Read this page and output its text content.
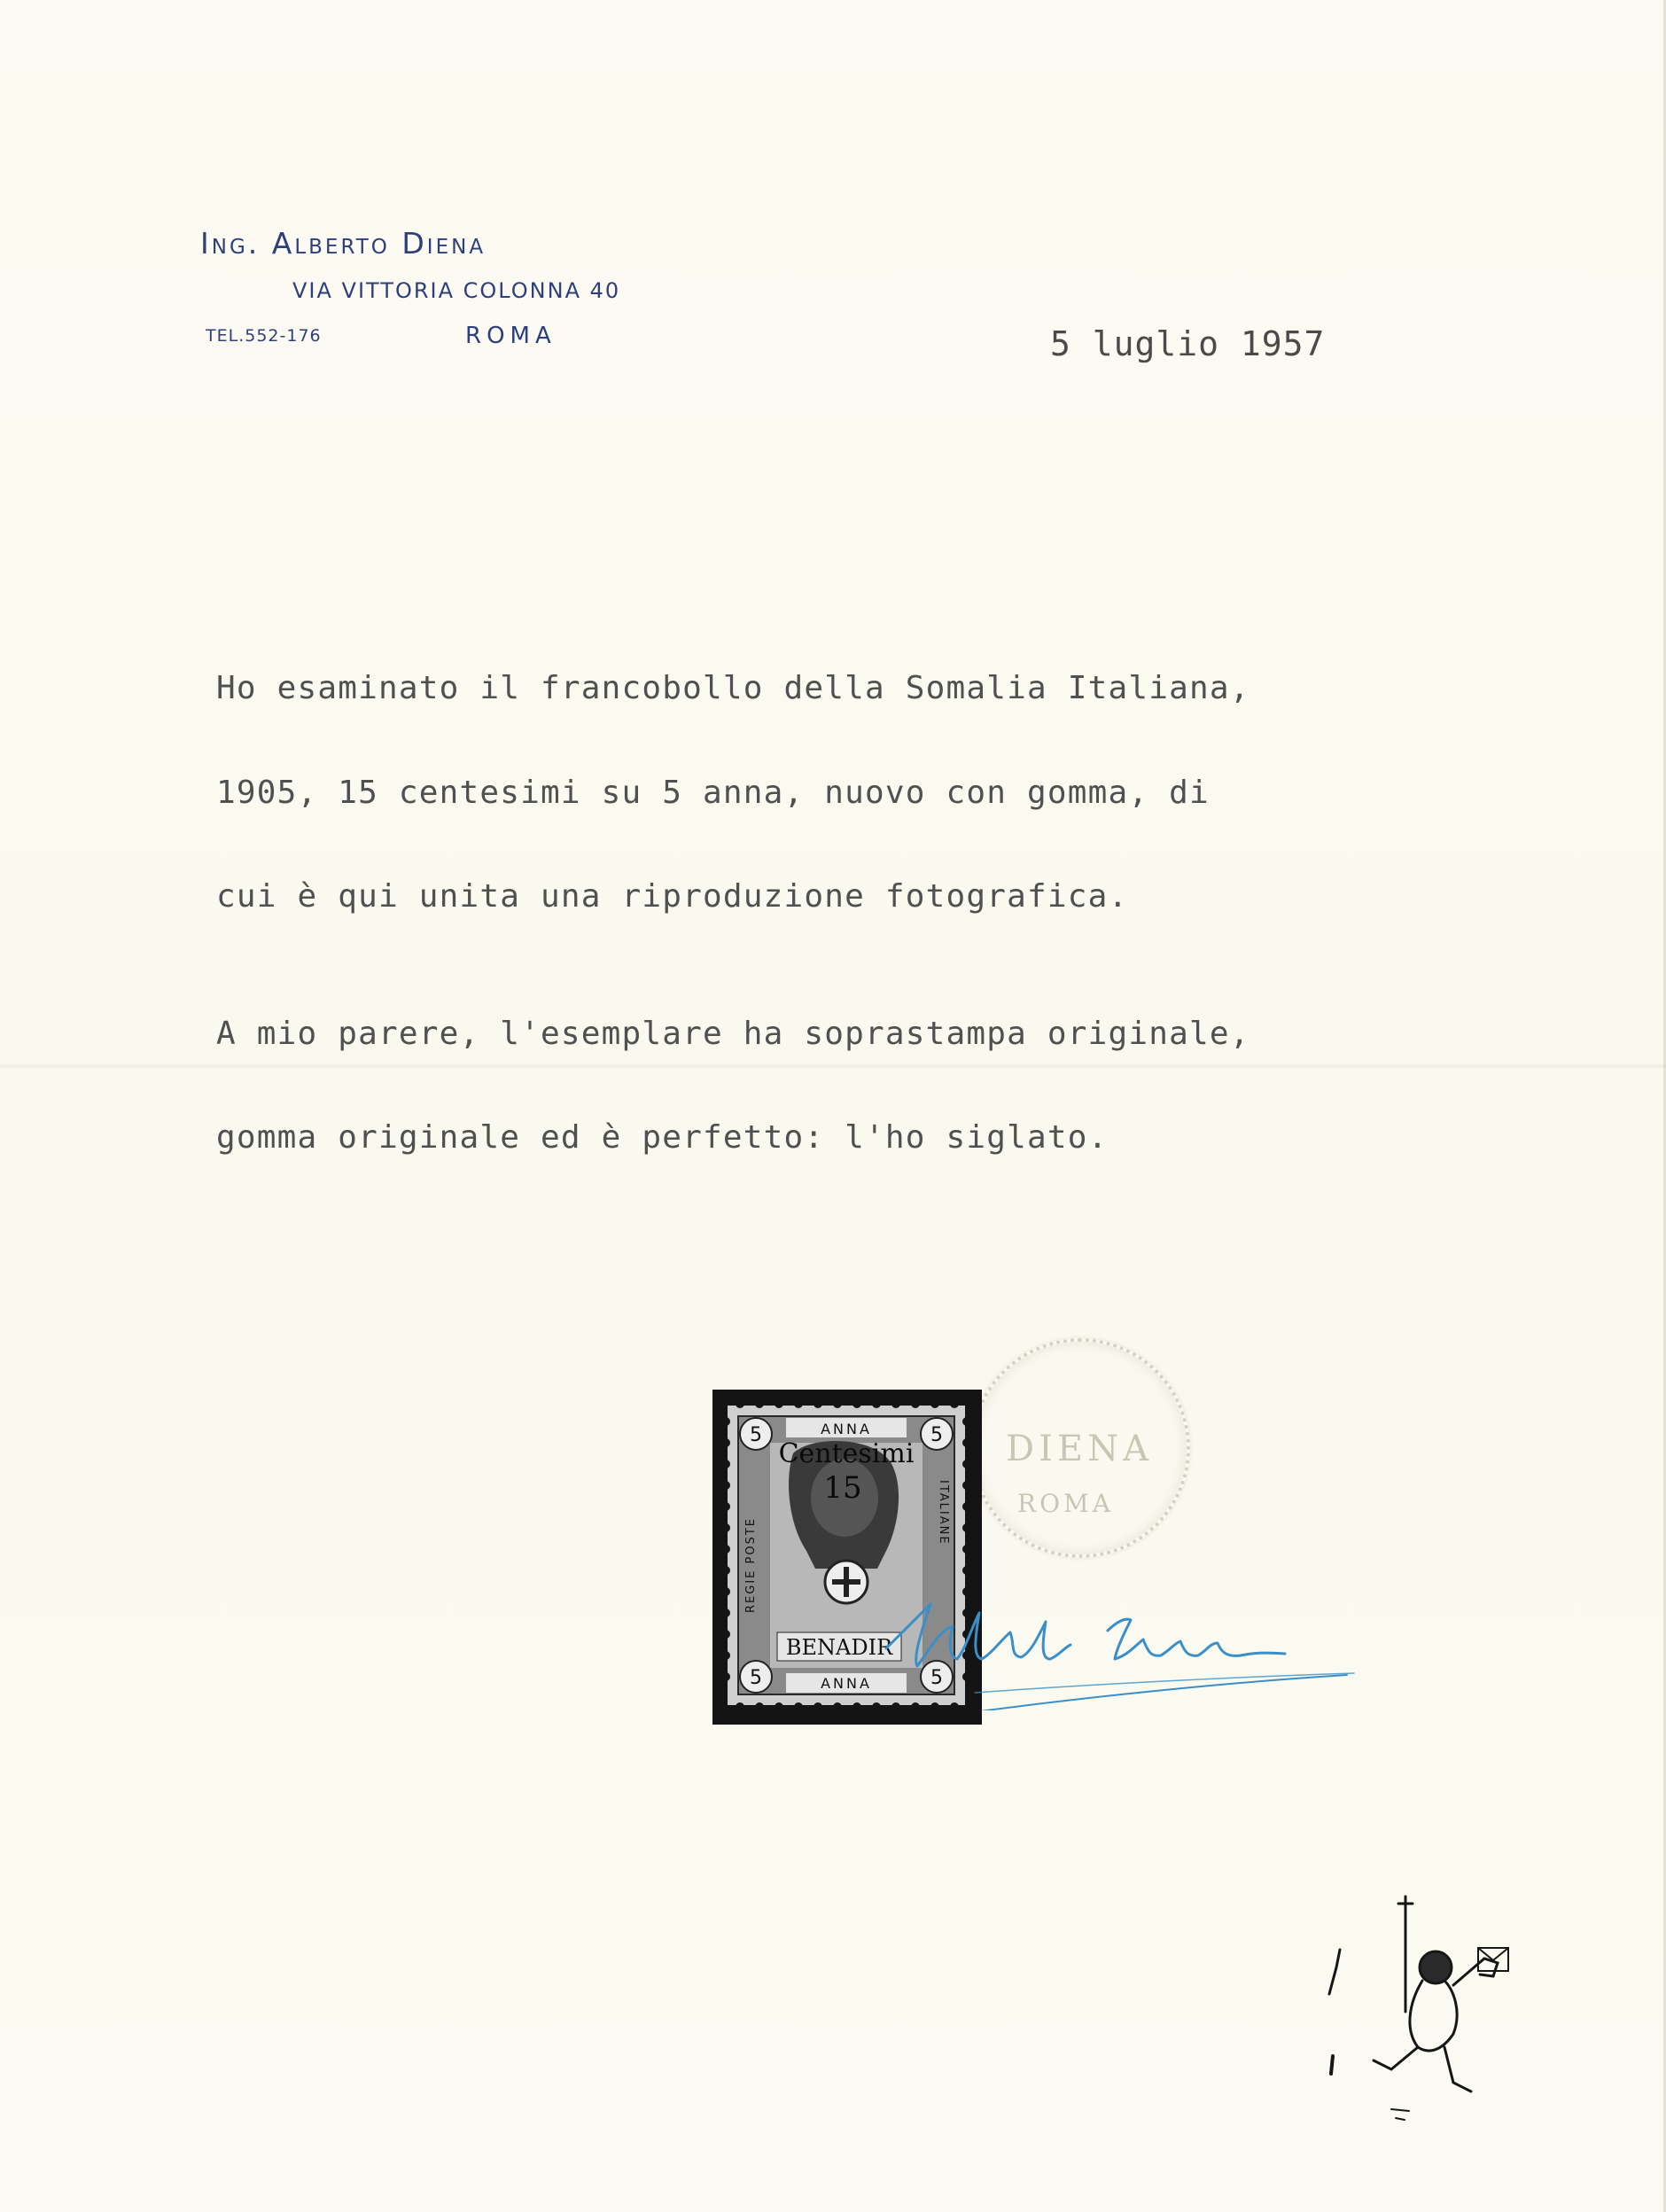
Ing. Alberto Diena
VIA VITTORIA COLONNA 40
TEL.552-176	ROMA	5 luglio 1957
Ho esaminato il francobollo della Somalia Italiana,
1905, 15 centesimi su 5 anna, nuovo con gomma, di
cui è qui unita una riproduzione fotografica.
A mio parere, l'esemplare ha soprastampa originale,
gomma originale ed è perfetto: l'ho siglato.
DIENA
ROMA
5	5
5	5
ANNA
ANNA
REGIE POSTE
ITALIANE
BENADIR
Centesimi
15
